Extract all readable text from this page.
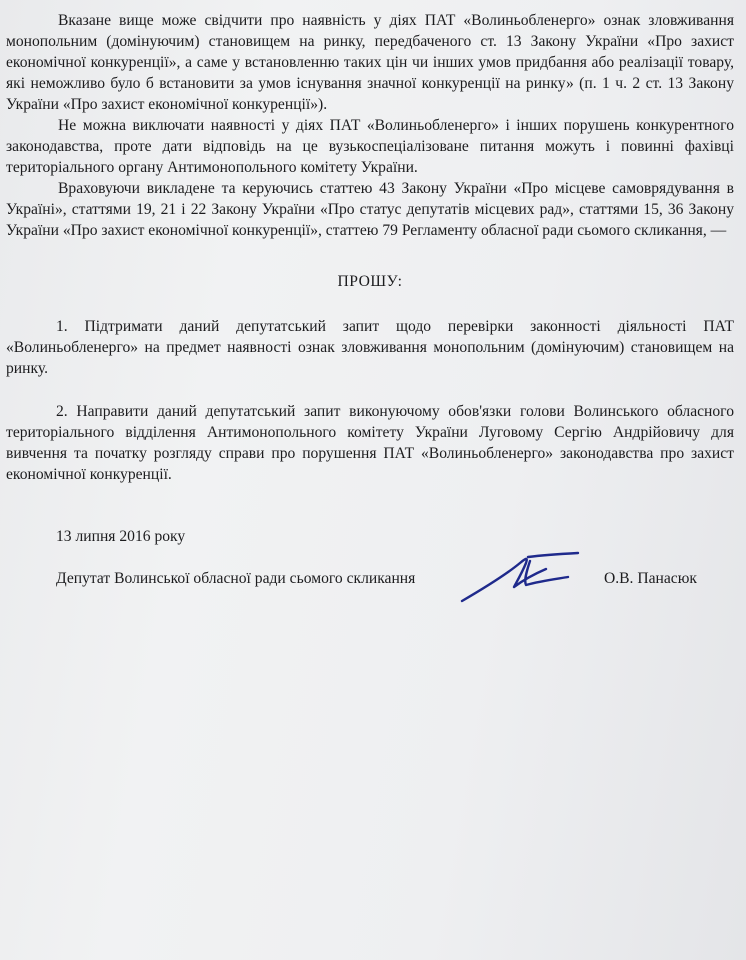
Вказане вище може свідчити про наявність у діях ПАТ «Волиньобленерго» ознак зловживання монопольним (домінуючим) становищем на ринку, передбаченого ст. 13 Закону України «Про захист економічної конкуренції», а саме у встановленню таких цін чи інших умов придбання або реалізації товару, які неможливо було б встановити за умов існування значної конкуренції на ринку» (п. 1 ч. 2 ст. 13 Закону України «Про захист економічної конкуренції»).

Не можна виключати наявності у діях ПАТ «Волиньобленерго» і інших порушень конкурентного законодавства, проте дати відповідь на це вузькоспеціалізоване питання можуть і повинні фахівці територіального органу Антимонопольного комітету України.

Враховуючи викладене та керуючись статтею 43 Закону України «Про місцеве самоврядування в Україні», статтями 19, 21 і 22 Закону України «Про статус депутатів місцевих рад», статтями 15, 36 Закону України «Про захист економічної конкуренції», статтею 79 Регламенту обласної ради сьомого скликання, —

ПРОШУ:

1. Підтримати даний депутатський запит щодо перевірки законності діяльності ПАТ «Волиньобленерго» на предмет наявності ознак зловживання монопольним (домінуючим) становищем на ринку.

2. Направити даний депутатський запит виконуючому обов'язки голови Волинського обласного територіального відділення Антимонопольного комітету України Луговому Сергію Андрійовичу для вивчення та початку розгляду справи про порушення ПАТ «Волиньобленерго» законодавства про захист економічної конкуренції.

13 липня 2016 року
Депутат Волинської обласної ради сьомого скликання	О.В. Панасюк
